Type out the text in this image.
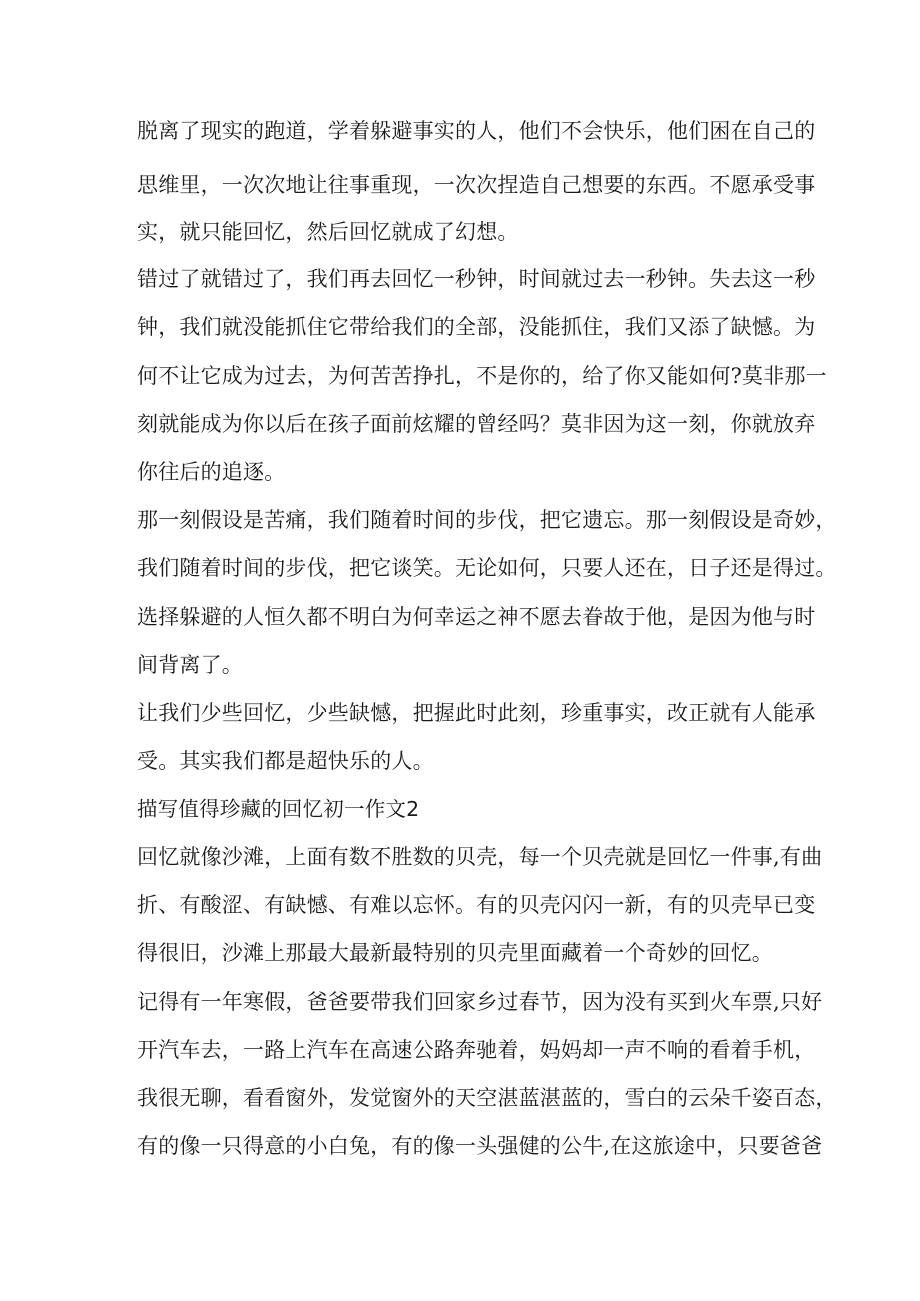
脱离了现实的跑道，学着躲避事实的人，他们不会快乐，他们困在自己的
思维里，一次次地让往事重现，一次次捏造自己想要的东西。不愿承受事
实，就只能回忆，然后回忆就成了幻想。
错过了就错过了，我们再去回忆一秒钟，时间就过去一秒钟。失去这一秒
钟，我们就没能抓住它带给我们的全部，没能抓住，我们又添了缺憾。为
何不让它成为过去，为何苦苦挣扎，不是你的，给了你又能如何?莫非那一
刻就能成为你以后在孩子面前炫耀的曾经吗？莫非因为这一刻，你就放弃
你往后的追逐。
那一刻假设是苦痛，我们随着时间的步伐，把它遗忘。那一刻假设是奇妙，
我们随着时间的步伐，把它谈笑。无论如何，只要人还在，日子还是得过。
选择躲避的人恒久都不明白为何幸运之神不愿去眷故于他，是因为他与时
间背离了。
让我们少些回忆，少些缺憾，把握此时此刻，珍重事实，改正就有人能承
受。其实我们都是超快乐的人。
描写值得珍藏的回忆初一作文2
回忆就像沙滩，上面有数不胜数的贝壳，每一个贝壳就是回忆一件事,有曲
折、有酸涩、有缺憾、有难以忘怀。有的贝壳闪闪一新，有的贝壳早已变
得很旧，沙滩上那最大最新最特别的贝壳里面藏着一个奇妙的回忆。
记得有一年寒假，爸爸要带我们回家乡过春节，因为没有买到火车票,只好
开汽车去，一路上汽车在高速公路奔驰着，妈妈却一声不响的看着手机，
我很无聊，看看窗外，发觉窗外的天空湛蓝湛蓝的，雪白的云朵千姿百态，
有的像一只得意的小白兔，有的像一头强健的公牛,在这旅途中，只要爸爸
